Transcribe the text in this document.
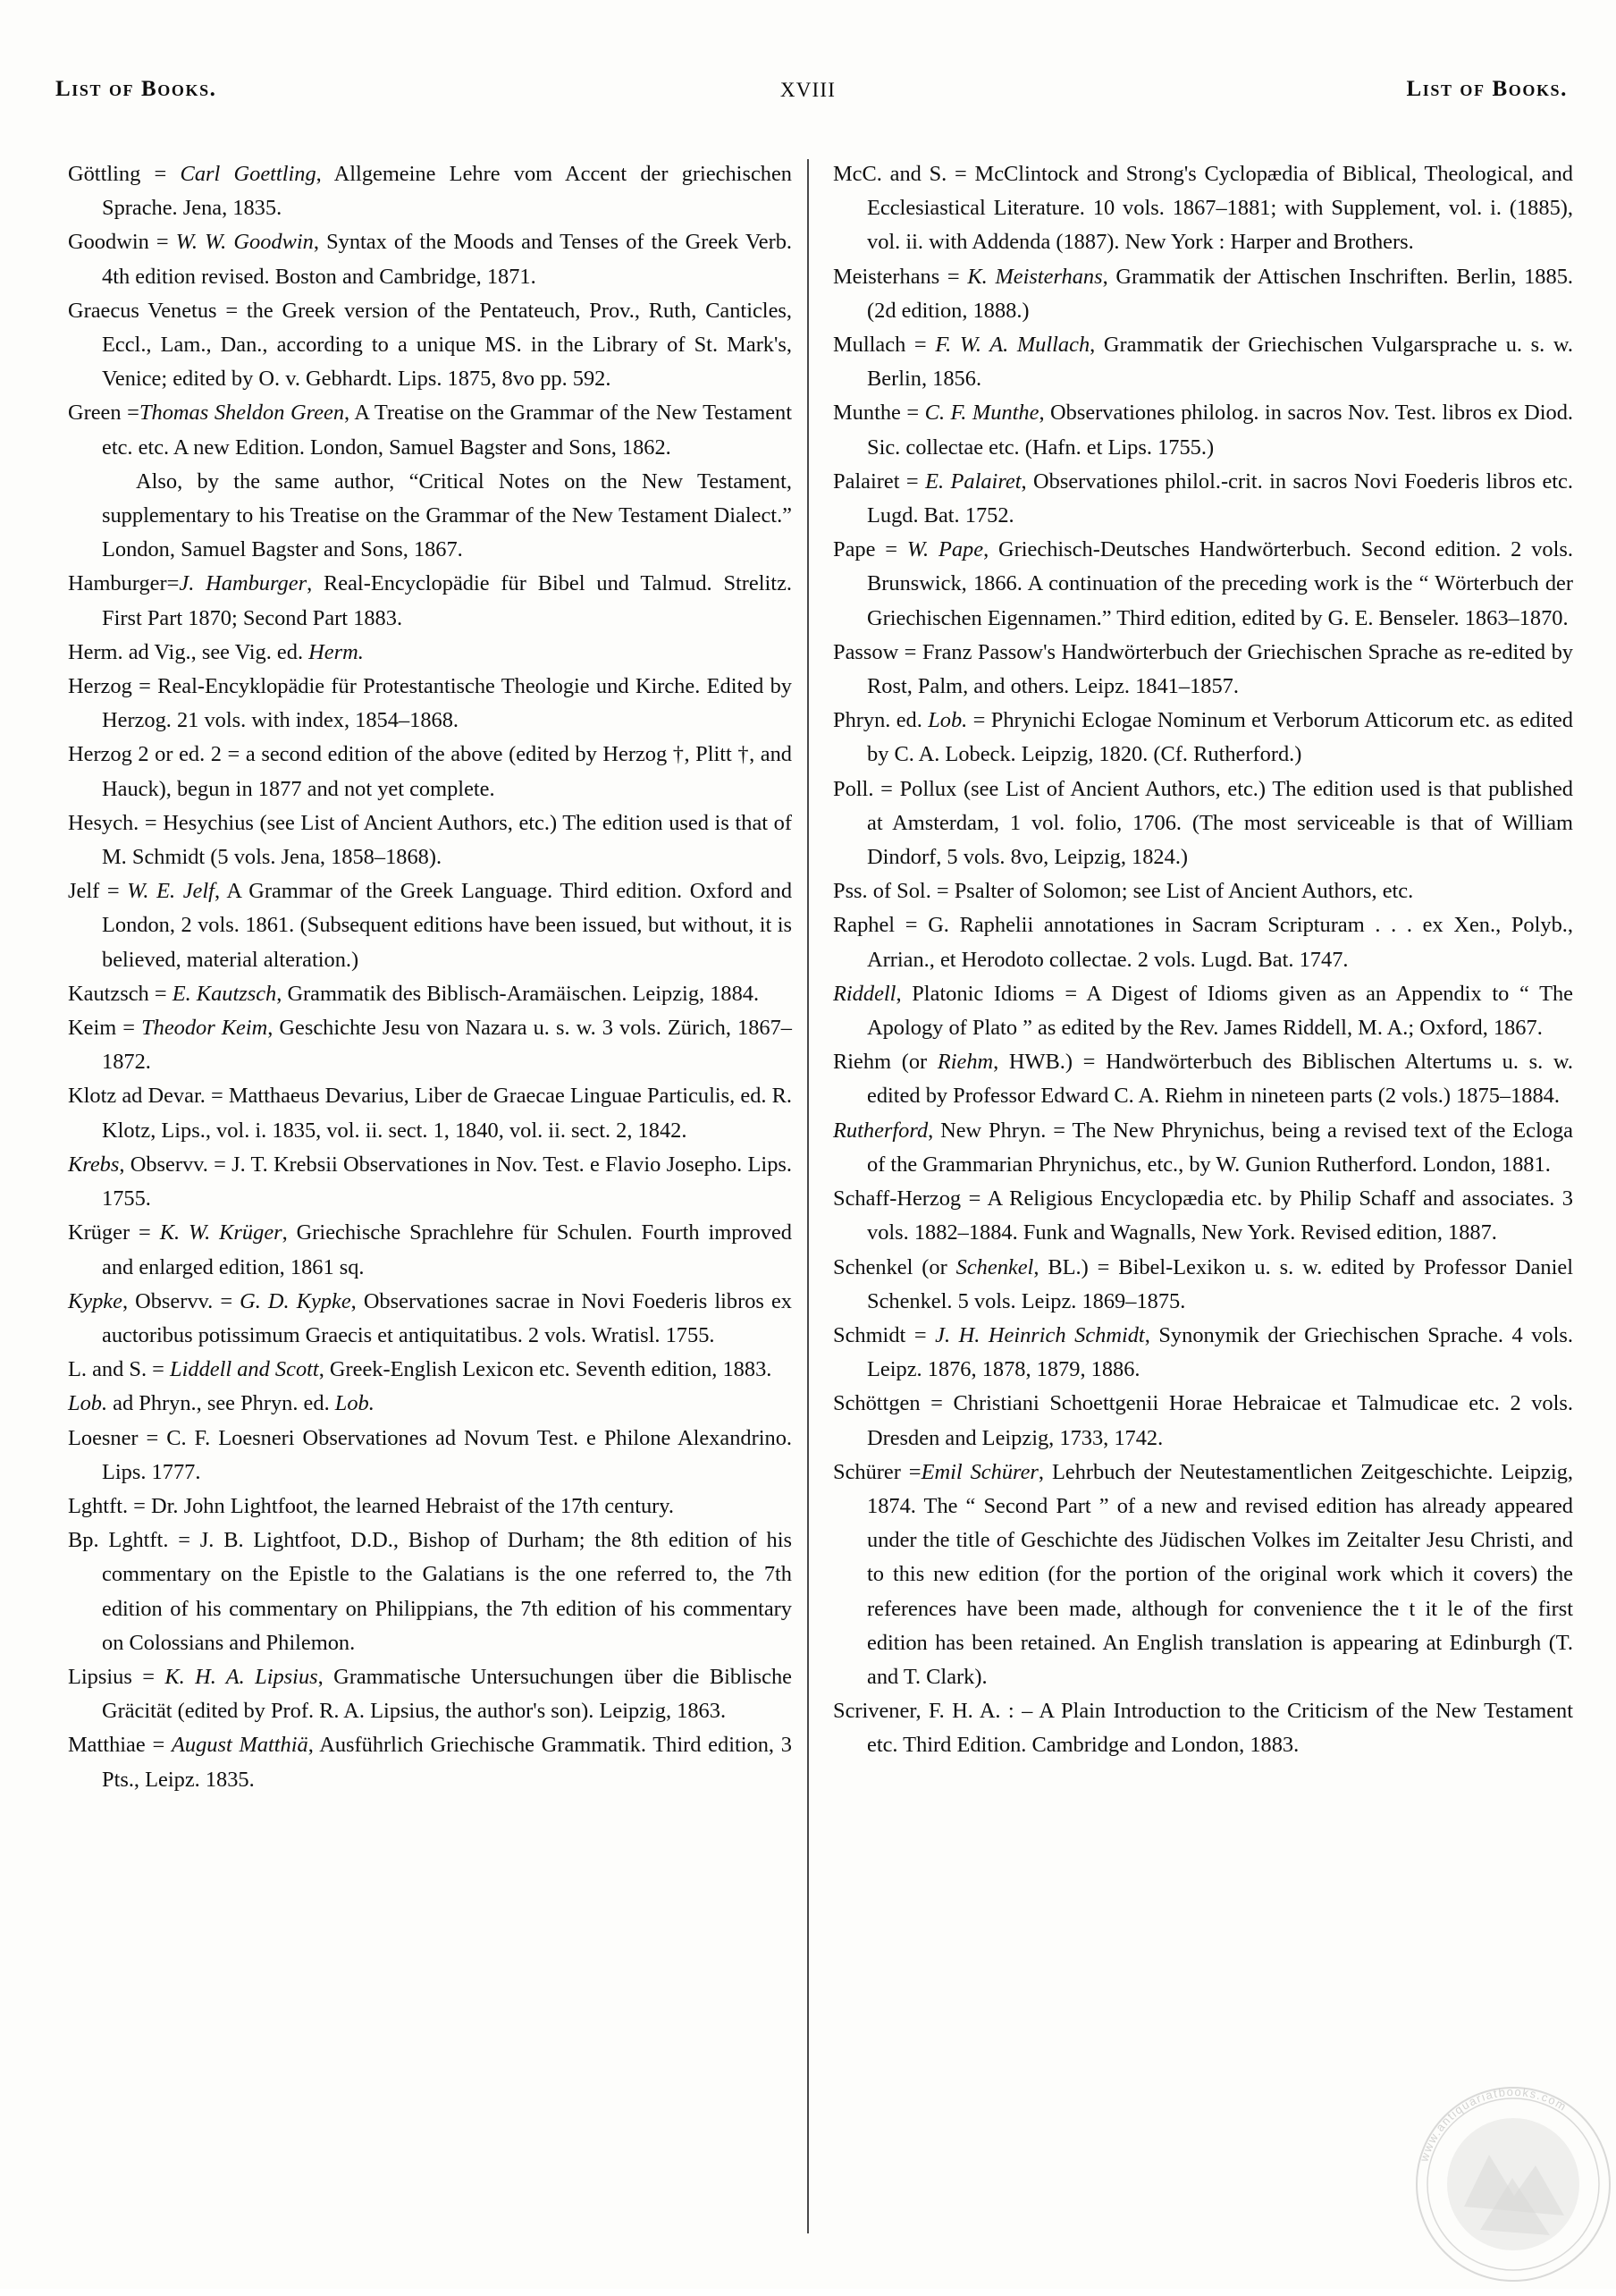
List of Books.	XVIII	List of Books.

Göttling = Carl Goettling, Allgemeine Lehre vom Accent der griechischen Sprache. Jena, 1835.

Goodwin = W. W. Goodwin, Syntax of the Moods and Tenses of the Greek Verb. 4th edition revised. Boston and Cambridge, 1871.

Graecus Venetus = the Greek version of the Pentateuch, Prov., Ruth, Canticles, Eccl., Lam., Dan., according to a unique MS. in the Library of St. Mark's, Venice; edited by O. v. Gebhardt. Lips. 1875, 8vo pp. 592.

Green =Thomas Sheldon Green, A Treatise on the Grammar of the New Testament etc. etc. A new Edition. London, Samuel Bagster and Sons, 1862.

Also, by the same author, “Critical Notes on the New Testament, supplementary to his Treatise on the Grammar of the New Testament Dialect.” London, Samuel Bagster and Sons, 1867.

Hamburger=J. Hamburger, Real-Encyclopädie für Bibel und Talmud. Strelitz. First Part 1870; Second Part 1883.

Herm. ad Vig., see Vig. ed. Herm.

Herzog = Real-Encyklopädie für Protestantische Theologie und Kirche. Edited by Herzog. 21 vols. with index, 1854–1868.

Herzog 2 or ed. 2 = a second edition of the above (edited by Herzog †, Plitt †, and Hauck), begun in 1877 and not yet complete.

Hesych. = Hesychius (see List of Ancient Authors, etc.) The edition used is that of M. Schmidt (5 vols. Jena, 1858–1868).

Jelf = W. E. Jelf, A Grammar of the Greek Language. Third edition. Oxford and London, 2 vols. 1861. (Subsequent editions have been issued, but without, it is believed, material alteration.)

Kautzsch = E. Kautzsch, Grammatik des Biblisch-Aramäischen. Leipzig, 1884.

Keim = Theodor Keim, Geschichte Jesu von Nazara u. s. w. 3 vols. Zürich, 1867–1872.

Klotz ad Devar. = Matthaeus Devarius, Liber de Graecae Linguae Particulis, ed. R. Klotz, Lips., vol. i. 1835, vol. ii. sect. 1, 1840, vol. ii. sect. 2, 1842.

Krebs, Observv. = J. T. Krebsii Observationes in Nov. Test. e Flavio Josepho. Lips. 1755.

Krüger = K. W. Krüger, Griechische Sprachlehre für Schulen. Fourth improved and enlarged edition, 1861 sq.

Kypke, Observv. = G. D. Kypke, Observationes sacrae in Novi Foederis libros ex auctoribus potissimum Graecis et antiquitatibus. 2 vols. Wratisl. 1755.

L. and S. = Liddell and Scott, Greek-English Lexicon etc. Seventh edition, 1883.

Lob. ad Phryn., see Phryn. ed. Lob.

Loesner = C. F. Loesneri Observationes ad Novum Test. e Philone Alexandrino. Lips. 1777.

Lghtft. = Dr. John Lightfoot, the learned Hebraist of the 17th century.

Bp. Lghtft. = J. B. Lightfoot, D.D., Bishop of Durham; the 8th edition of his commentary on the Epistle to the Galatians is the one referred to, the 7th edition of his commentary on Philippians, the 7th edition of his commentary on Colossians and Philemon.

Lipsius = K. H. A. Lipsius, Grammatische Untersuchungen über die Biblische Gräcität (edited by Prof. R. A. Lipsius, the author's son). Leipzig, 1863.

Matthiae = August Matthiä, Ausführlich Griechische Grammatik. Third edition, 3 Pts., Leipz. 1835.

McC. and S. = McClintock and Strong's Cyclopædia of Biblical, Theological, and Ecclesiastical Literature. 10 vols. 1867–1881; with Supplement, vol. i. (1885), vol. ii. with Addenda (1887). New York : Harper and Brothers.

Meisterhans = K. Meisterhans, Grammatik der Attischen Inschriften. Berlin, 1885. (2d edition, 1888.)

Mullach = F. W. A. Mullach, Grammatik der Griechischen Vulgarsprache u. s. w. Berlin, 1856.

Munthe = C. F. Munthe, Observationes philolog. in sacros Nov. Test. libros ex Diod. Sic. collectae etc. (Hafn. et Lips. 1755.)

Palairet = E. Palairet, Observationes philol.-crit. in sacros Novi Foederis libros etc. Lugd. Bat. 1752.

Pape = W. Pape, Griechisch-Deutsches Handwörterbuch. Second edition. 2 vols. Brunswick, 1866. A continuation of the preceding work is the “ Wörterbuch der Griechischen Eigennamen.” Third edition, edited by G. E. Benseler. 1863–1870.

Passow = Franz Passow's Handwörterbuch der Griechischen Sprache as re-edited by Rost, Palm, and others. Leipz. 1841–1857.

Phryn. ed. Lob. = Phrynichi Eclogae Nominum et Verborum Atticorum etc. as edited by C. A. Lobeck. Leipzig, 1820. (Cf. Rutherford.)

Poll. = Pollux (see List of Ancient Authors, etc.) The edition used is that published at Amsterdam, 1 vol. folio, 1706. (The most serviceable is that of William Dindorf, 5 vols. 8vo, Leipzig, 1824.)

Pss. of Sol. = Psalter of Solomon; see List of Ancient Authors, etc.

Raphel = G. Raphelii annotationes in Sacram Scripturam . . . ex Xen., Polyb., Arrian., et Herodoto collectae. 2 vols. Lugd. Bat. 1747.

Riddell, Platonic Idioms = A Digest of Idioms given as an Appendix to “ The Apology of Plato ” as edited by the Rev. James Riddell, M. A.; Oxford, 1867.

Riehm (or Riehm, HWB.) = Handwörterbuch des Biblischen Altertums u. s. w. edited by Professor Edward C. A. Riehm in nineteen parts (2 vols.) 1875–1884.

Rutherford, New Phryn. = The New Phrynichus, being a revised text of the Ecloga of the Grammarian Phrynichus, etc., by W. Gunion Rutherford. London, 1881.

Schaff-Herzog = A Religious Encyclopædia etc. by Philip Schaff and associates. 3 vols. 1882–1884. Funk and Wagnalls, New York. Revised edition, 1887.

Schenkel (or Schenkel, BL.) = Bibel-Lexikon u. s. w. edited by Professor Daniel Schenkel. 5 vols. Leipz. 1869–1875.

Schmidt = J. H. Heinrich Schmidt, Synonymik der Griechischen Sprache. 4 vols. Leipz. 1876, 1878, 1879, 1886.

Schöttgen = Christiani Schoettgenii Horae Hebraicae et Talmudicae etc. 2 vols. Dresden and Leipzig, 1733, 1742.

Schürer =Emil Schürer, Lehrbuch der Neutestamentlichen Zeitgeschichte. Leipzig, 1874. The “ Second Part ” of a new and revised edition has already appeared under the title of Geschichte des Jüdischen Volkes im Zeitalter Jesu Christi, and to this new edition (for the portion of the original work which it covers) the references have been made, although for convenience the t it le of the first edition has been retained. An English translation is appearing at Edinburgh (T. and T. Clark).

Scrivener, F. H. A. : – A Plain Introduction to the Criticism of the New Testament etc. Third Edition. Cambridge and London, 1883.

www.antiquariatbooks.com
